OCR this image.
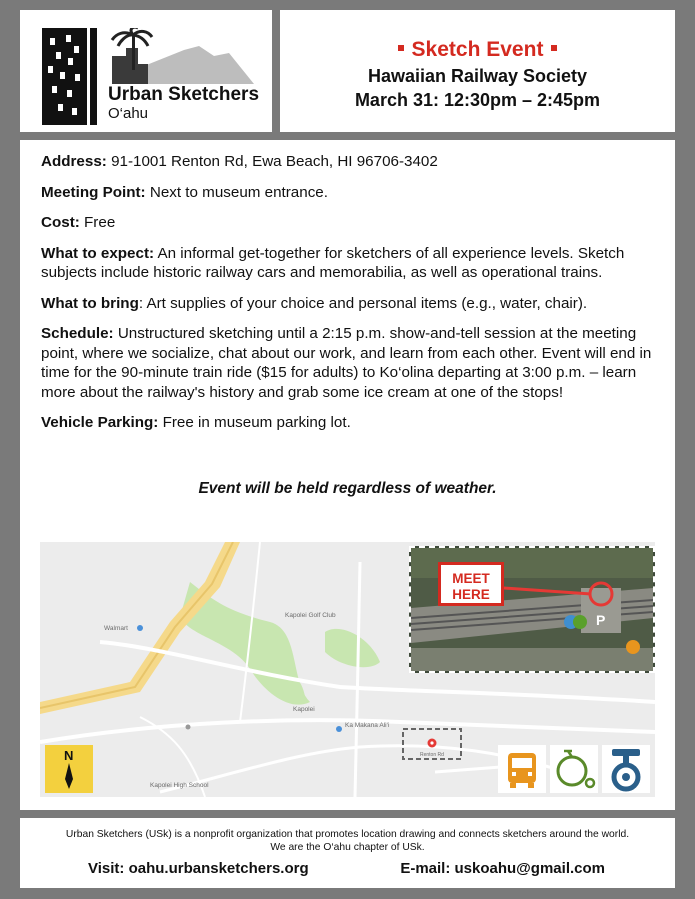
Urban Sketchers
O‘ahu
Sketch Event
Hawaiian Railway Society
March 31: 12:30pm – 2:45pm

Address: 91-1001 Renton Rd, Ewa Beach, HI 96706-3402

Meeting Point: Next to museum entrance.

Cost: Free

What to expect: An informal get-together for sketchers of all experience levels. Sketch subjects include historic railway cars and memorabilia, as well as operational trains.

What to bring: Art supplies of your choice and personal items (e.g., water, chair).

Schedule: Unstructured sketching until a 2:15 p.m. show-and-tell session at the meeting point, where we socialize, chat about our work, and learn from each other. Event will end in time for the 90-minute train ride ($15 for adults) to Ko‘olina departing at 3:00 p.m. – learn more about the railway's history and grab some ice cream at one of the stops!

Vehicle Parking: Free in museum parking lot.

Event will be held regardless of weather.
Kapolei Golf Club
Walmart
Kapolei
Ka Makana Ali‘i
Kapolei High School
Renton Rd
MEET HERE
P
N
Urban Sketchers (USk) is a nonprofit organization that promotes location drawing and connects sketchers around the world. We are the O‘ahu chapter of USk.
Visit: oahu.urbansketchers.org	E-mail: uskoahu@gmail.com
